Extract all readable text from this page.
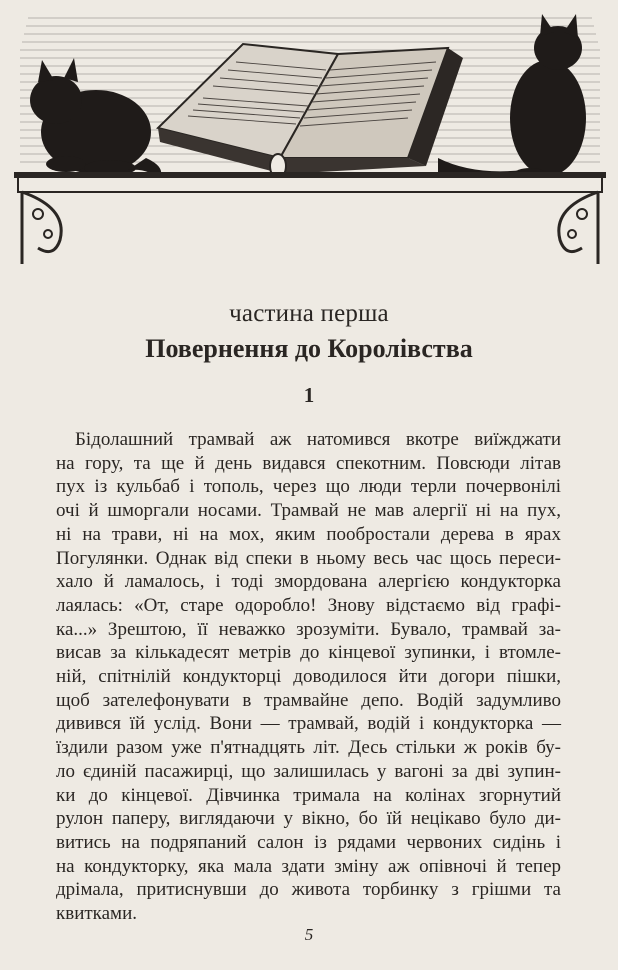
частина перша
Повернення до Королівства
1
Бідолашний трамвай аж натомився вкотре виїжджати
на гору, та ще й день видався спекотним. Повсюди літав
пух із кульбаб і тополь, через що люди терли почервонілі
очі й шморгали носами. Трамвай не мав алергії ні на пух,
ні на трави, ні на мох, яким пообростали дерева в ярах
Погулянки. Однак від спеки в ньому весь час щось переси-
хало й ламалось, і тоді змордована алергією кондукторка
лаялась: «От, старе одоробло! Знову відстаємо від графі-
ка...» Зрештою, її неважко зрозуміти. Бувало, трамвай за-
висав за кількадесят метрів до кінцевої зупинки, і втомле-
ній, спітнілій кондукторці доводилося йти догори пішки,
щоб зателефонувати в трамвайне депо. Водій задумливо
дивився їй услід. Вони — трамвай, водій і кондукторка —
їздили разом уже п'ятнадцять літ. Десь стільки ж років бу-
ло єдиній пасажирці, що залишилась у вагоні за дві зупин-
ки до кінцевої. Дівчинка тримала на колінах згорнутий
рулон паперу, виглядаючи у вікно, бо їй нецікаво було ди-
витись на подряпаний салон із рядами червоних сидінь і
на кондукторку, яка мала здати зміну аж опівночі й тепер
дрімала, притиснувши до живота торбинку з грішми та
квитками.
5
